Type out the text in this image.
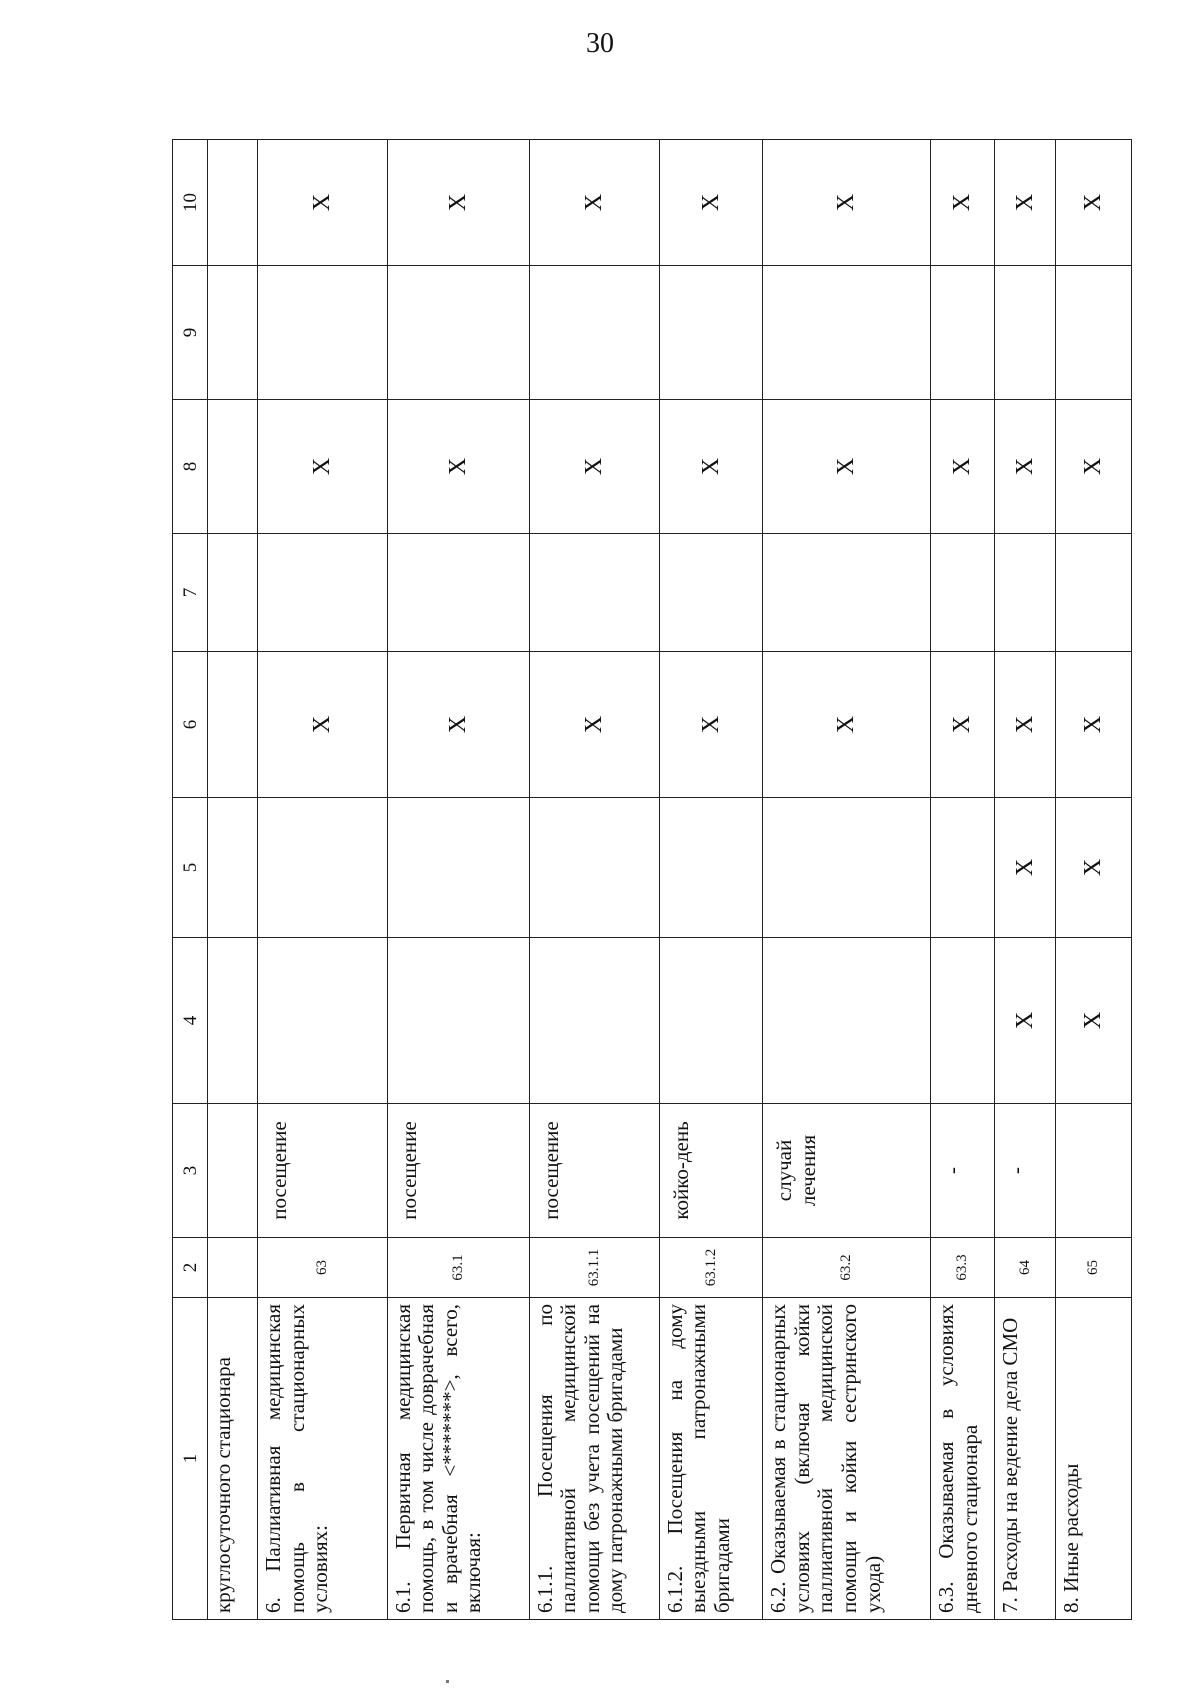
30
1	2	3	4	5	6	7	8	9	10
круглосуточного стационара									
6. Паллиативная медицинская помощь в стационарных условиях:	63	посещение			X		X		X
6.1. Первичная медицинская помощь, в том числе доврачебная и врачебная <*******>, всего, включая:	63.1	посещение			X		X		X
6.1.1. Посещения по паллиативной медицинской помощи без учета посещений на дому патронажными бригадами	63.1.1	посещение			X		X		X
6.1.2. Посещения на дому выездными патронажными бригадами	63.1.2	койко-день			X		X		X
6.2. Оказываемая в стационарных условиях (включая койки паллиативной медицинской помощи и койки сестринского ухода)	63.2	случай лечения			X		X		X
6.3. Оказываемая в условиях дневного стационара	63.3	-			X		X		X
7. Расходы на ведение дела СМО	64	-	X	X	X		X		X
8. Иные расходы	65		X	X	X		X		X
